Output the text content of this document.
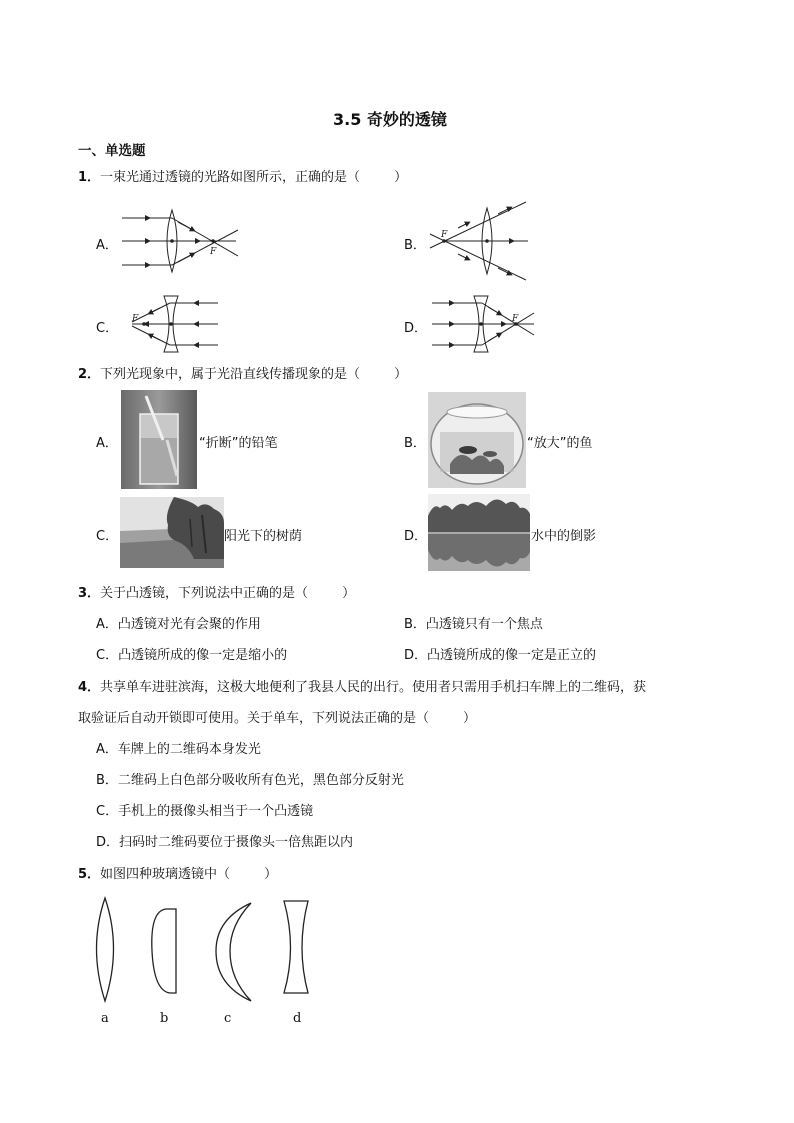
3.5 奇妙的透镜
一、单选题
1．一束光通过透镜的光路如图所示，正确的是（	）
A．	F	B．
F
C．
F
D．
F
2．下列光现象中，属于光沿直线传播现象的是（	）
A．	“折断”的铅笔	B．	“放大”的鱼
C．	阳光下的树荫	D．	水中的倒影
3．关于凸透镜，下列说法中正确的是（	）
A．凸透镜对光有会聚的作用	B．凸透镜只有一个焦点
C．凸透镜所成的像一定是缩小的	D．凸透镜所成的像一定是正立的
4．共享单车进驻滨海，这极大地便利了我县人民的出行。使用者只需用手机扫车牌上的二维码，获
取验证后自动开锁即可使用。关于单车，下列说法正确的是（	）
A．车牌上的二维码本身发光
B．二维码上白色部分吸收所有色光，黑色部分反射光
C．手机上的摄像头相当于一个凸透镜
D．扫码时二维码要位于摄像头一倍焦距以内
5．如图四种玻璃透镜中（	）
a	b	c	d
